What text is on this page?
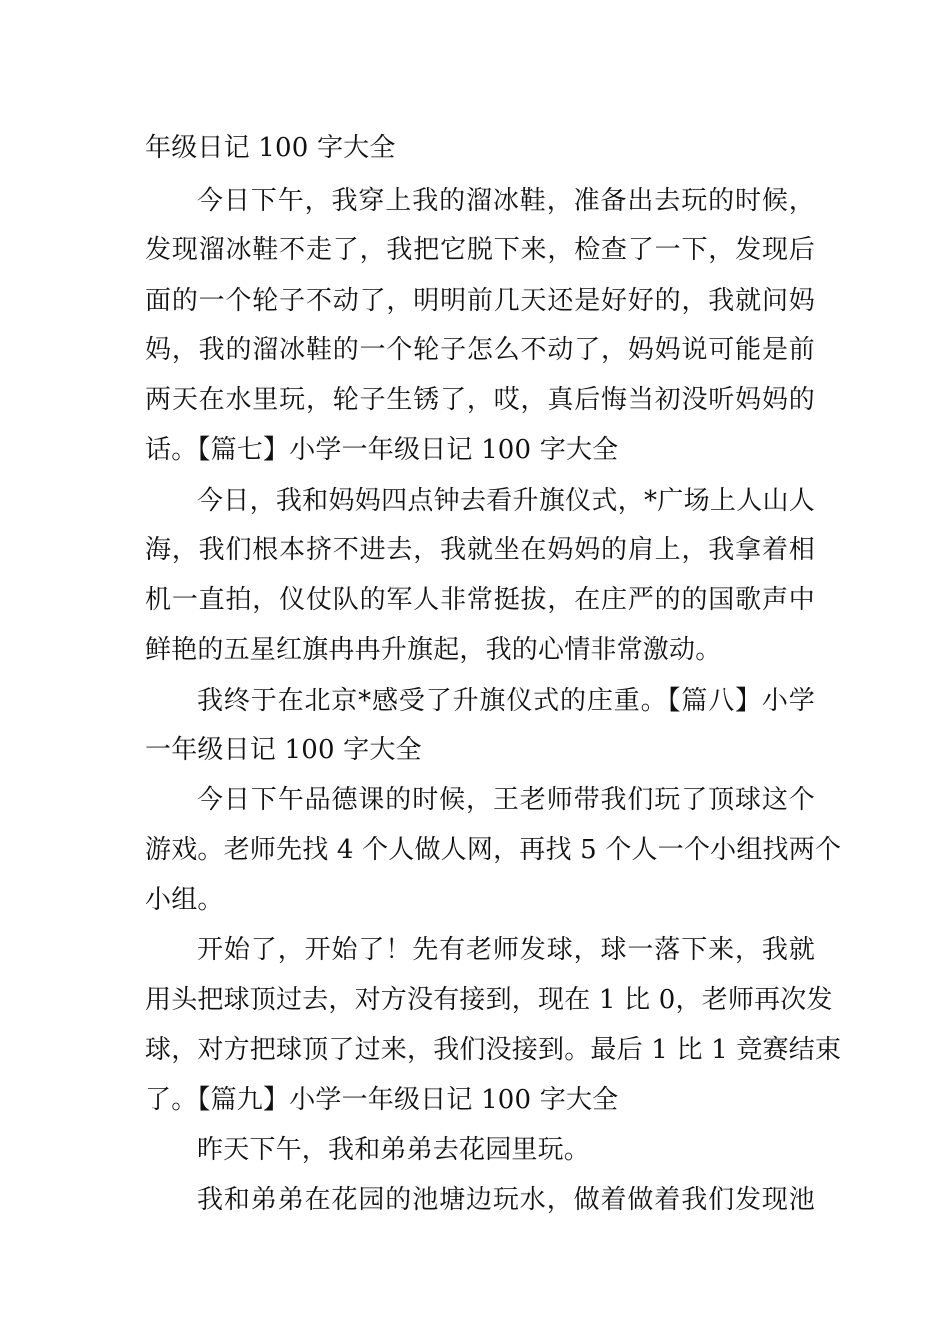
年级日记 100 字大全
今日下午，我穿上我的溜冰鞋，准备出去玩的时候，
发现溜冰鞋不走了，我把它脱下来，检查了一下，发现后
面的一个轮子不动了，明明前几天还是好好的，我就问妈
妈，我的溜冰鞋的一个轮子怎么不动了，妈妈说可能是前
两天在水里玩，轮子生锈了，哎，真后悔当初没听妈妈的
话。【篇七】小学一年级日记 100 字大全
今日，我和妈妈四点钟去看升旗仪式，*广场上人山人
海，我们根本挤不进去，我就坐在妈妈的肩上，我拿着相
机一直拍，仪仗队的军人非常挺拔，在庄严的的国歌声中
鲜艳的五星红旗冉冉升旗起，我的心情非常激动。
我终于在北京*感受了升旗仪式的庄重。【篇八】小学
一年级日记 100 字大全
今日下午品德课的时候，王老师带我们玩了顶球这个
游戏。老师先找 4 个人做人网，再找 5 个人一个小组找两个
小组。
开始了，开始了！先有老师发球，球一落下来，我就
用头把球顶过去，对方没有接到，现在 1 比 0，老师再次发
球，对方把球顶了过来，我们没接到。最后 1 比 1 竞赛结束
了。【篇九】小学一年级日记 100 字大全
昨天下午，我和弟弟去花园里玩。
我和弟弟在花园的池塘边玩水，做着做着我们发现池
